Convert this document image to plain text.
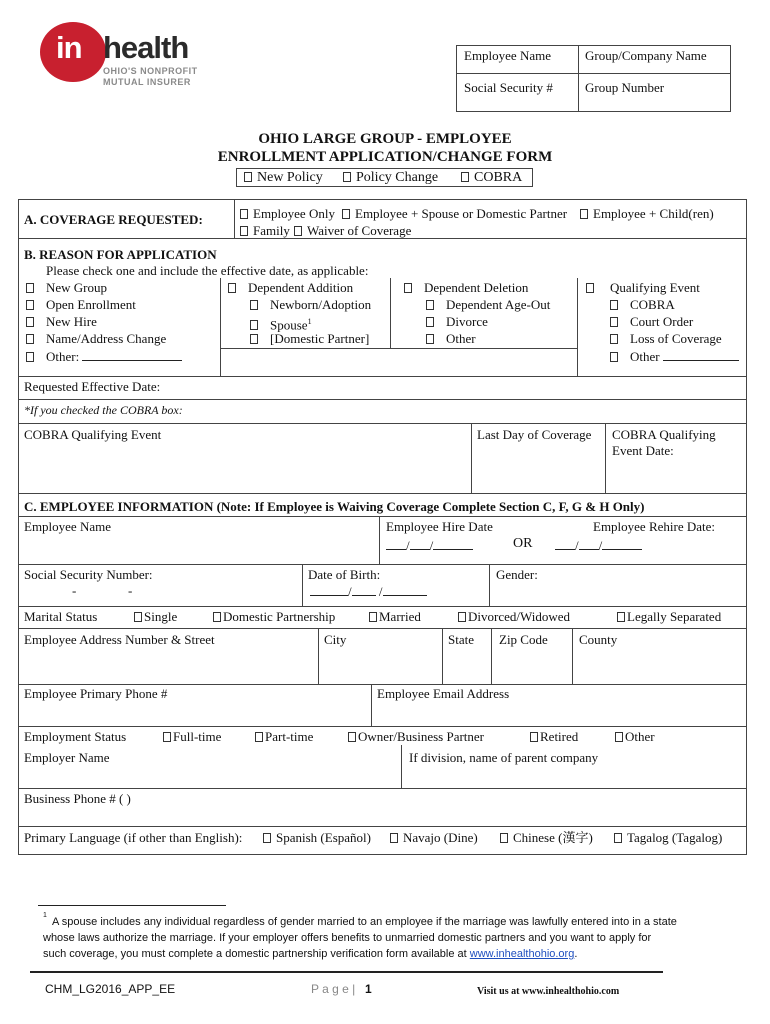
in health
OHIO'S NONPROFIT
MUTUAL INSURER
Employee Name	Group/Company Name
Social Security # Group Number
OHIO LARGE GROUP - EMPLOYEE
ENROLLMENT APPLICATION/CHANGE FORM
New Policy	Policy Change	COBRA
A. COVERAGE REQUESTED:	Employee Only	Employee + Spouse or Domestic Partner	Employee + Child(ren)
Family	Waiver of Coverage
B. REASON FOR APPLICATION
Please check one and include the effective date, as applicable:
New Group
Open Enrollment
New Hire
Name/Address Change
Other:
Dependent Addition
Newborn/Adoption
Spouse$^1$
[Domestic Partner]
Dependent Deletion
Dependent Age-Out
Divorce
Other
Qualifying Event
COBRA
Court Order
Loss of Coverage
Other
Requested Effective Date:
*If you checked the COBRA box:
COBRA Qualifying Event	Last Day of Coverage COBRA Qualifying
Event Date:
C. EMPLOYEE INFORMATION (Note: If Employee is Waiving Coverage Complete Section C, F, G & H Only)
Employee Name	Employee Hire Date	Employee Rehire Date:
/ /	OR	/ /
Social Security Number:
-	-
Date of Birth:
/ /
Gender:
Marital Status	Single	Domestic Partnership	Married	Divorced/Widowed	Legally Separated
Employee Address Number & Street	City	State Zip Code County
Employee Primary Phone #	Employee Email Address
Employment Status	Full-time	Part-time	Owner/Business Partner	Retired	Other
Employer Name	If division, name of parent company
Business Phone # ( )
Primary Language (if other than English):	Spanish (Español)	Navajo (Dine)	Chinese (漢字)	Tagalog (Tagalog)
1
A spouse includes any individual regardless of gender married to an employee if the marriage was lawfully entered into in a state
whose laws authorize the marriage. If your employer offers benefits to unmarried domestic partners and you want to apply for
such coverage, you must complete a domestic partnership verification form available at www.inhealthohio.org.
CHM_LG2016_APP_EE	P a g e | 1	Visit us at www.inhealthohio.com
